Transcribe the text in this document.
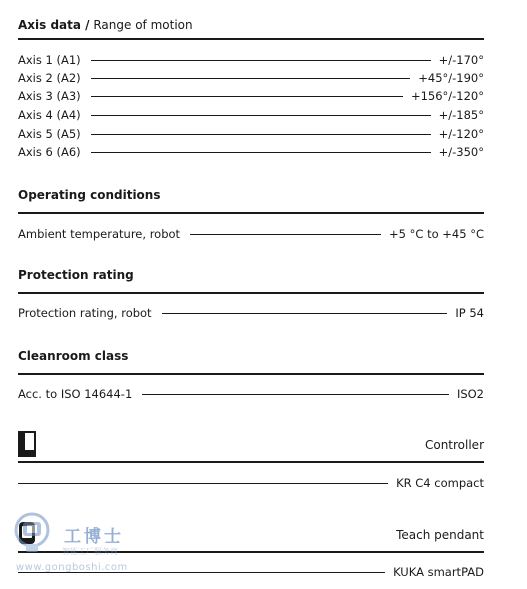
Axis data / Range of motion
Axis 1 (A1)	+/-170°
Axis 2 (A2)	+45°/-190°
Axis 3 (A3)	+156°/-120°
Axis 4 (A4)	+/-185°
Axis 5 (A5)	+/-120°
Axis 6 (A6)	+/-350°
Operating conditions
Ambient temperature, robot	+5 °C to +45 °C
Protection rating
Protection rating, robot	IP 54
Cleanroom class
Acc. to ISO 14644-1	ISO2
Controller
KR C4 compact
Teach pendant
KUKA smartPAD
工博士
智能工厂服务商
www.gongboshi.com
